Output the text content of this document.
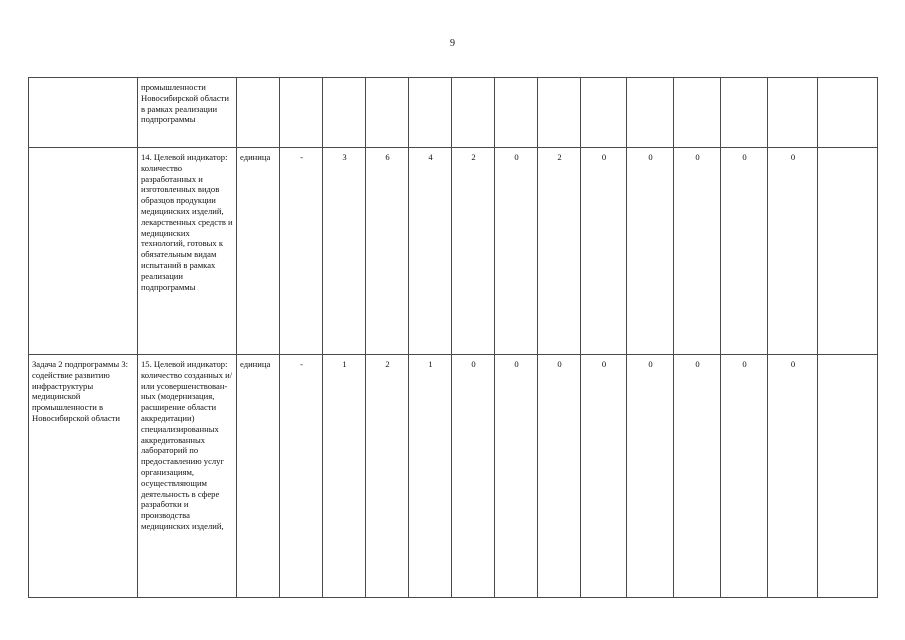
9
	промышленности Новосибирской области в рамках реализации подпрограммы														
	14. Целевой индикатор: количество разработанных и изготовленных видов образцов продукции медицинских изделий, лекарственных средств и медицинских технологий, готовых к обязательным видам испытаний в рамках реализации подпрограммы	единица	-	3	6	4	2	0	2	0	0	0	0	0	
Задача 2 подпрограммы 3: содействие развитию инфраструктуры медицинской промышленности в Новосибирской области	15. Целевой индикатор: количество созданных и/или усовершенствован-ных (модернизация, расширение области аккредитации) специализированных аккредитованных лабораторий по предоставлению услуг организациям, осуществляющим деятельность в сфере разработки и производства медицинских изделий,	единица	-	1	2	1	0	0	0	0	0	0	0	0	
